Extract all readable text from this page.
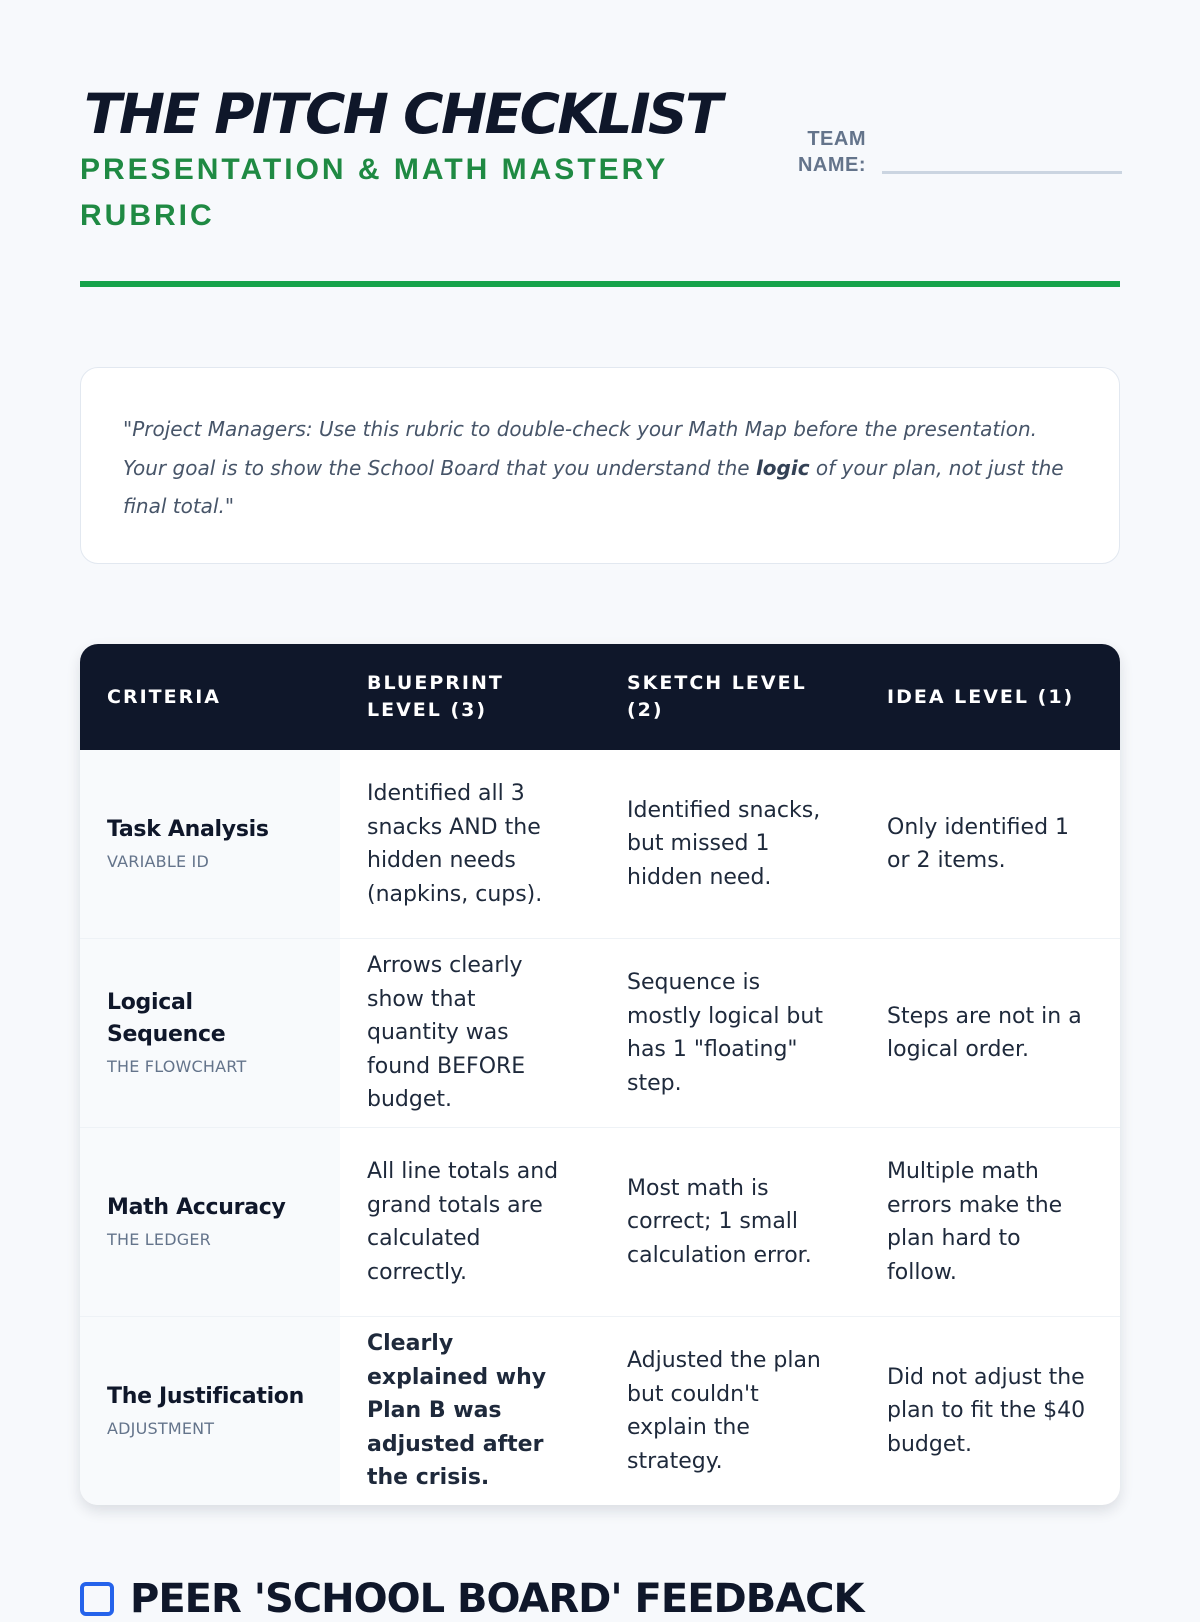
THE PITCH CHECKLIST
PRESENTATION & MATH MASTERY RUBRIC
TEAM NAME:

"Project Managers: Use this rubric to double-check your Math Map before the presentation. Your goal is to show the School Board that you understand the logic of your plan, not just the final total."

CRITERIA	BLUEPRINT LEVEL (3)	SKETCH LEVEL (2)	IDEA LEVEL (1)

Task Analysis
VARIABLE ID	Identified all 3 snacks AND the hidden needs (napkins, cups).	Identified snacks, but missed 1 hidden need.	Only identified 1 or 2 items.

Logical Sequence
THE FLOWCHART	Arrows clearly show that quantity was found BEFORE budget.	Sequence is mostly logical but has 1 "floating" step.	Steps are not in a logical order.

Math Accuracy
THE LEDGER	All line totals and grand totals are calculated correctly.	Most math is correct; 1 small calculation error.	Multiple math errors make the plan hard to follow.

The Justification
ADJUSTMENT	Clearly explained why Plan B was adjusted after the crisis.	Adjusted the plan but couldn't explain the strategy.	Did not adjust the plan to fit the $40 budget.
PEER 'SCHOOL BOARD' FEEDBACK
